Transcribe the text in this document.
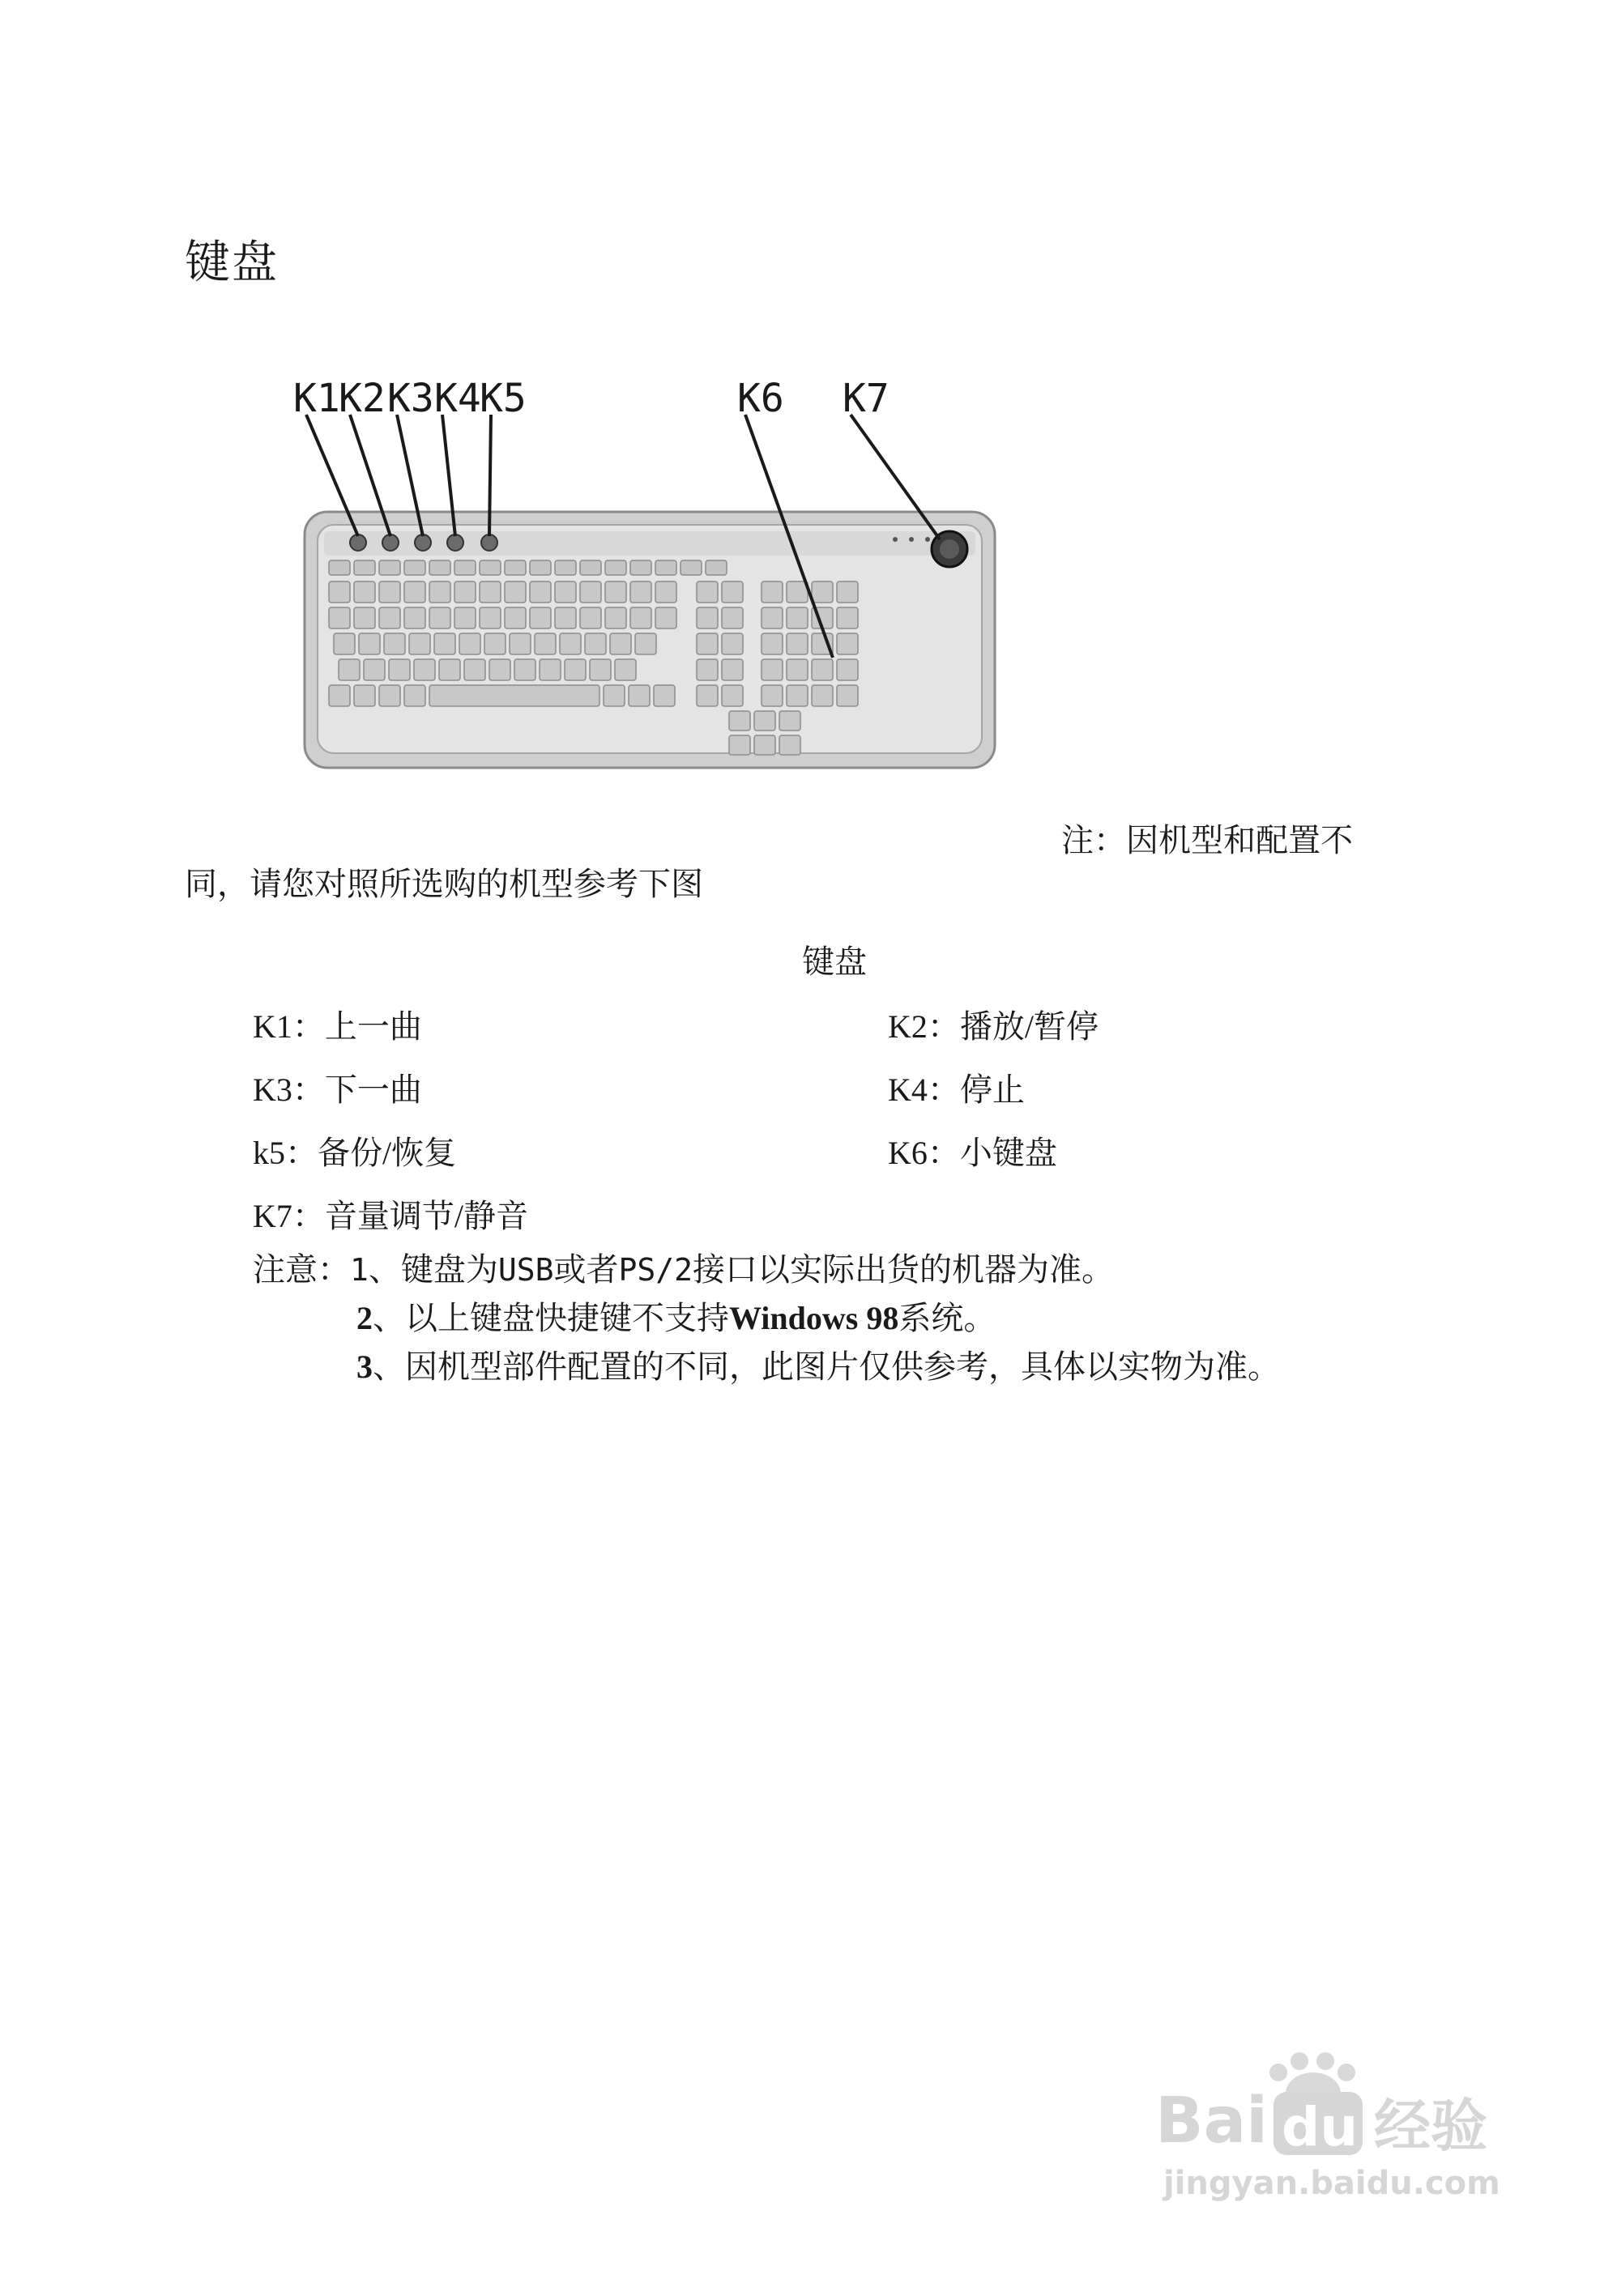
键盘
K1
K2 K3 K4
K5	K6 K7
注：因机型和配置不
同，请您对照所选购的机型参考下图
键盘
K1：上一曲	K2：播放/暂停
K3：下一曲	K4：停止
k5：备份/恢复	K6：小键盘
K7：音量调节/静音
注意：1、键盘为USB或者PS/2接口以实际出货的机器为准。
2、以上键盘快捷键不支持Windows 98系统。
3、因机型部件配置的不同，此图片仅供参考，具体以实物为准。
Bai du 经验
jingyan.baidu.com
